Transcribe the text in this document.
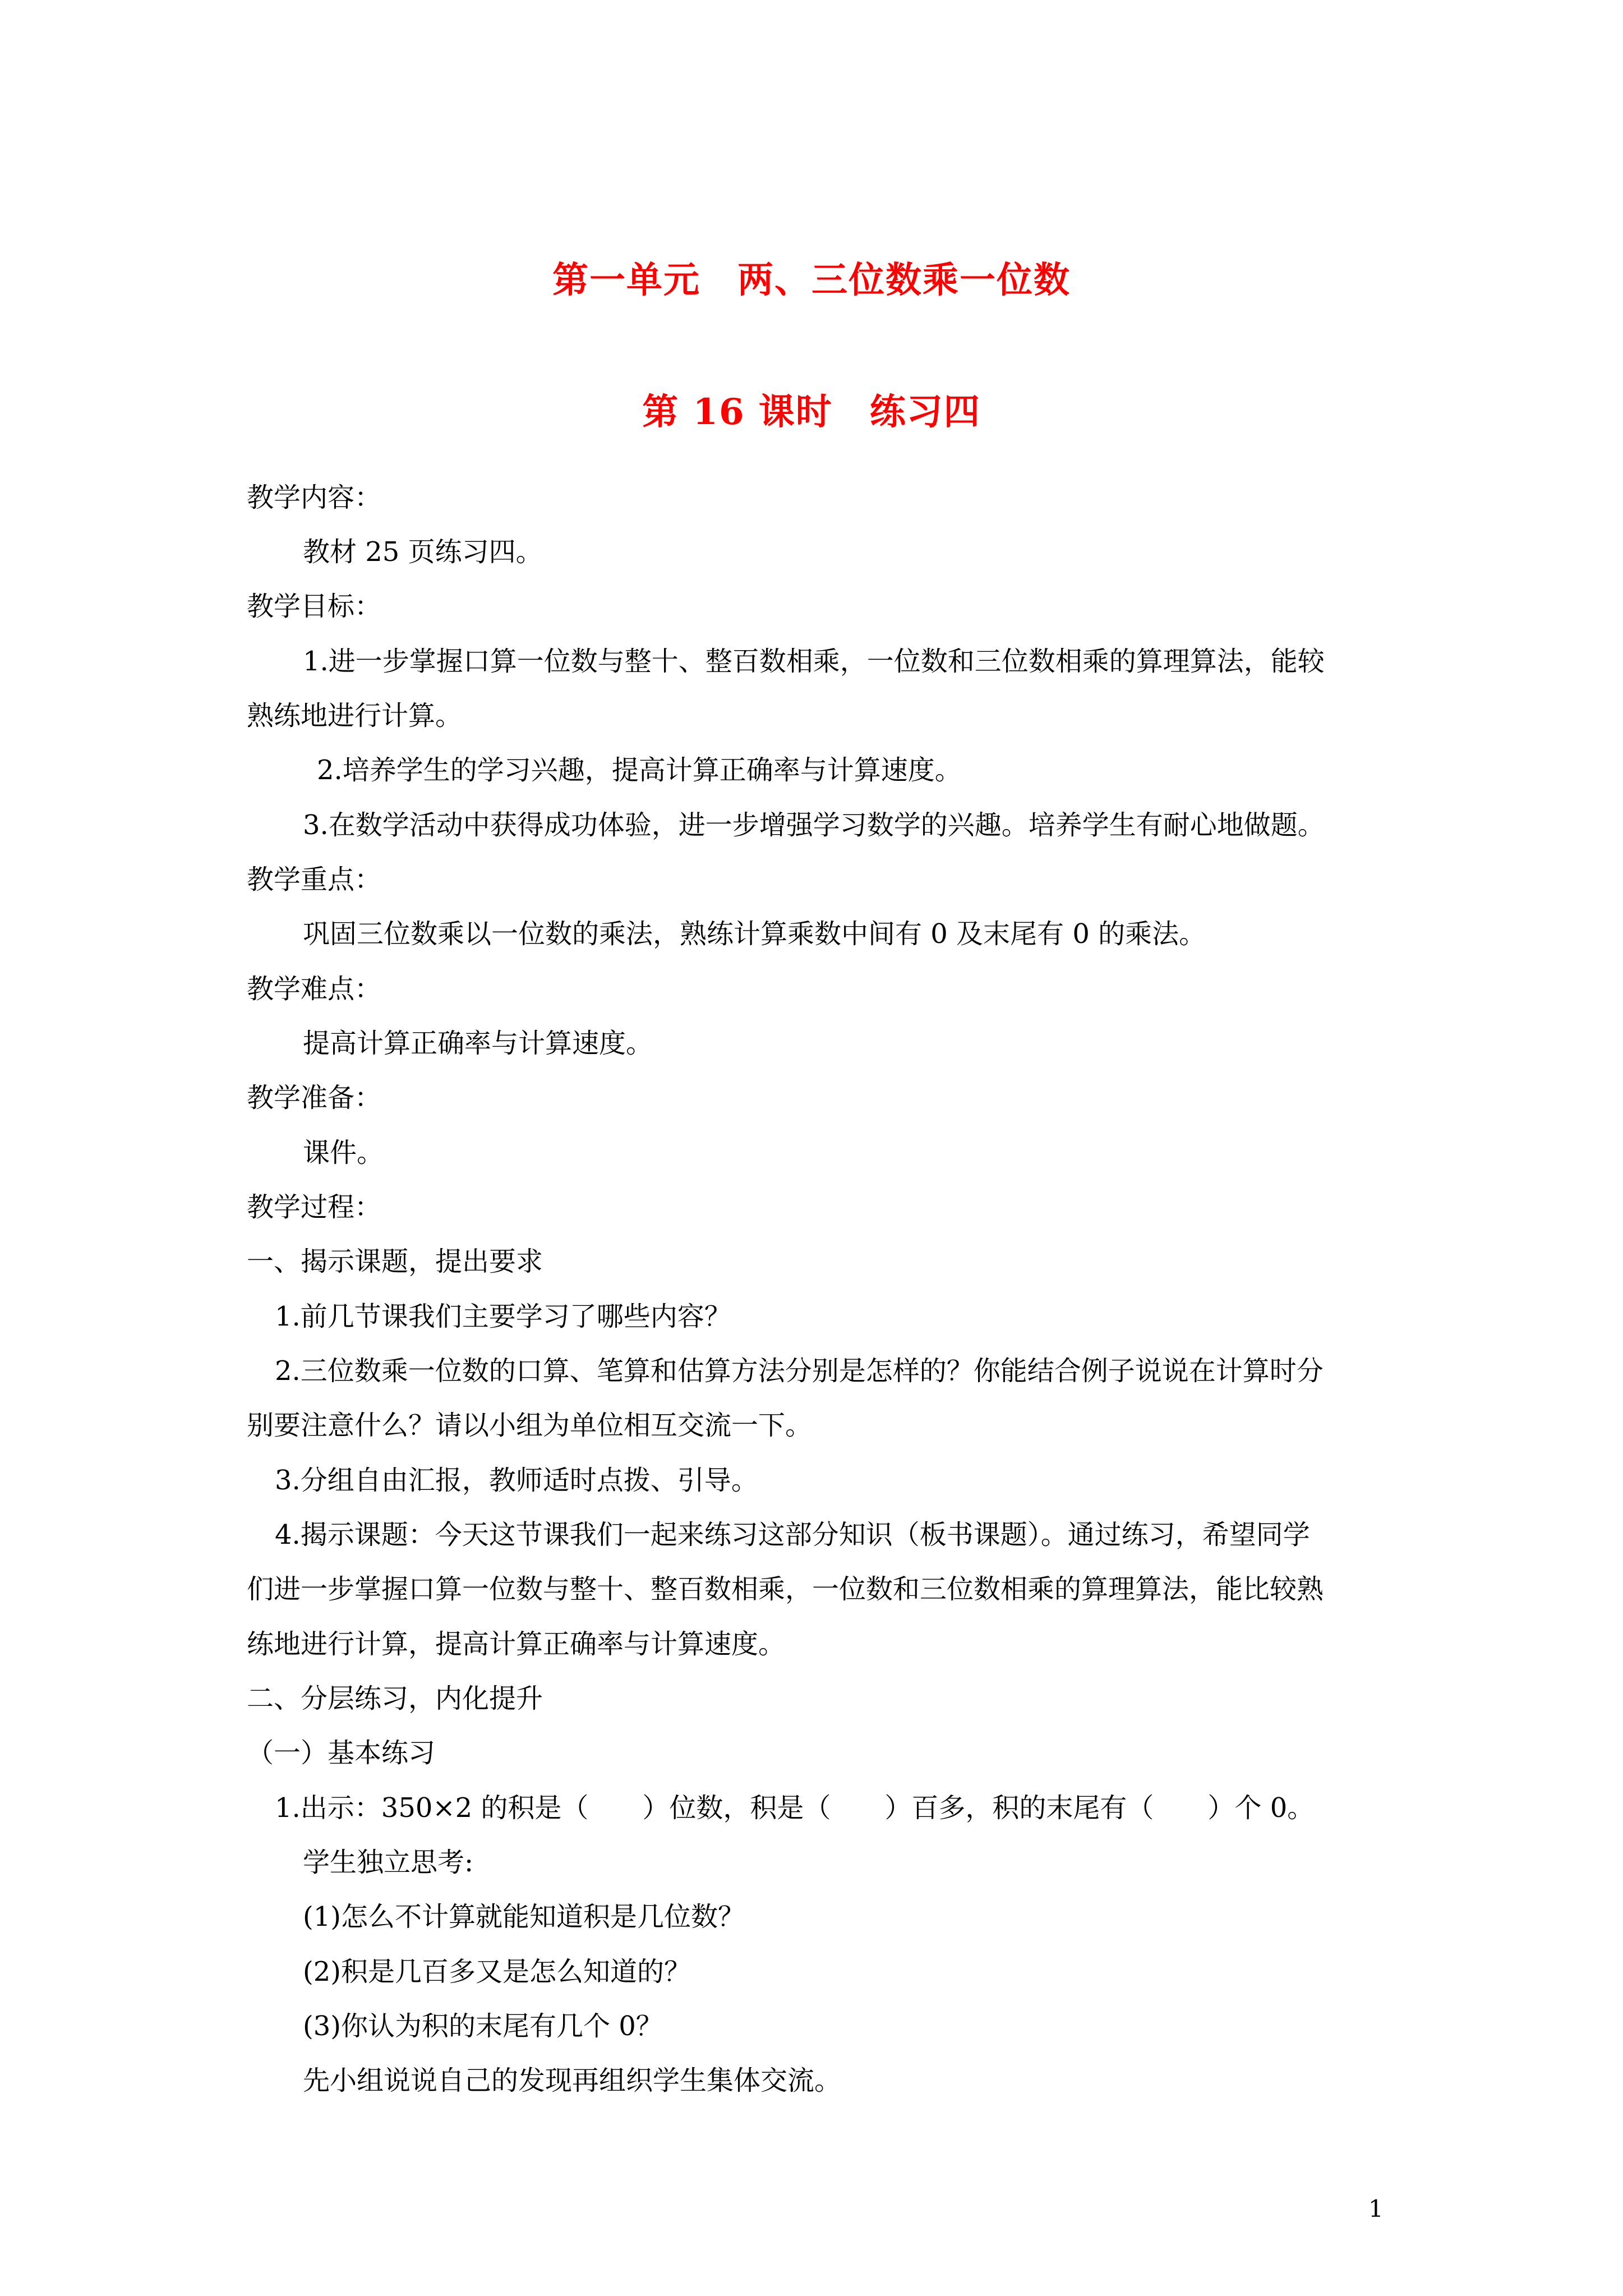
第一单元　两、三位数乘一位数
第 16 课时　练习四

教学内容：

教材 25 页练习四。

教学目标：

1.进一步掌握口算一位数与整十、整百数相乘，一位数和三位数相乘的算理算法，能较

熟练地进行计算。

2.培养学生的学习兴趣，提高计算正确率与计算速度。

3.在数学活动中获得成功体验，进一步增强学习数学的兴趣。培养学生有耐心地做题。

教学重点：

巩固三位数乘以一位数的乘法，熟练计算乘数中间有 0 及末尾有 0 的乘法。

教学难点：

提高计算正确率与计算速度。

教学准备：

课件。

教学过程：

一、揭示课题，提出要求

1.前几节课我们主要学习了哪些内容？

2.三位数乘一位数的口算、笔算和估算方法分别是怎样的？你能结合例子说说在计算时分

别要注意什么？请以小组为单位相互交流一下。

3.分组自由汇报，教师适时点拨、引导。

4.揭示课题：今天这节课我们一起来练习这部分知识（板书课题）。通过练习，希望同学

们进一步掌握口算一位数与整十、整百数相乘，一位数和三位数相乘的算理算法，能比较熟

练地进行计算，提高计算正确率与计算速度。

二、分层练习，内化提升

（一）基本练习

1.出示：350×2 的积是（　　）位数，积是（　　）百多，积的末尾有（　　）个 0。

学生独立思考:

(1)怎么不计算就能知道积是几位数？

(2)积是几百多又是怎么知道的？

(3)你认为积的末尾有几个 0？

先小组说说自己的发现再组织学生集体交流。

1
